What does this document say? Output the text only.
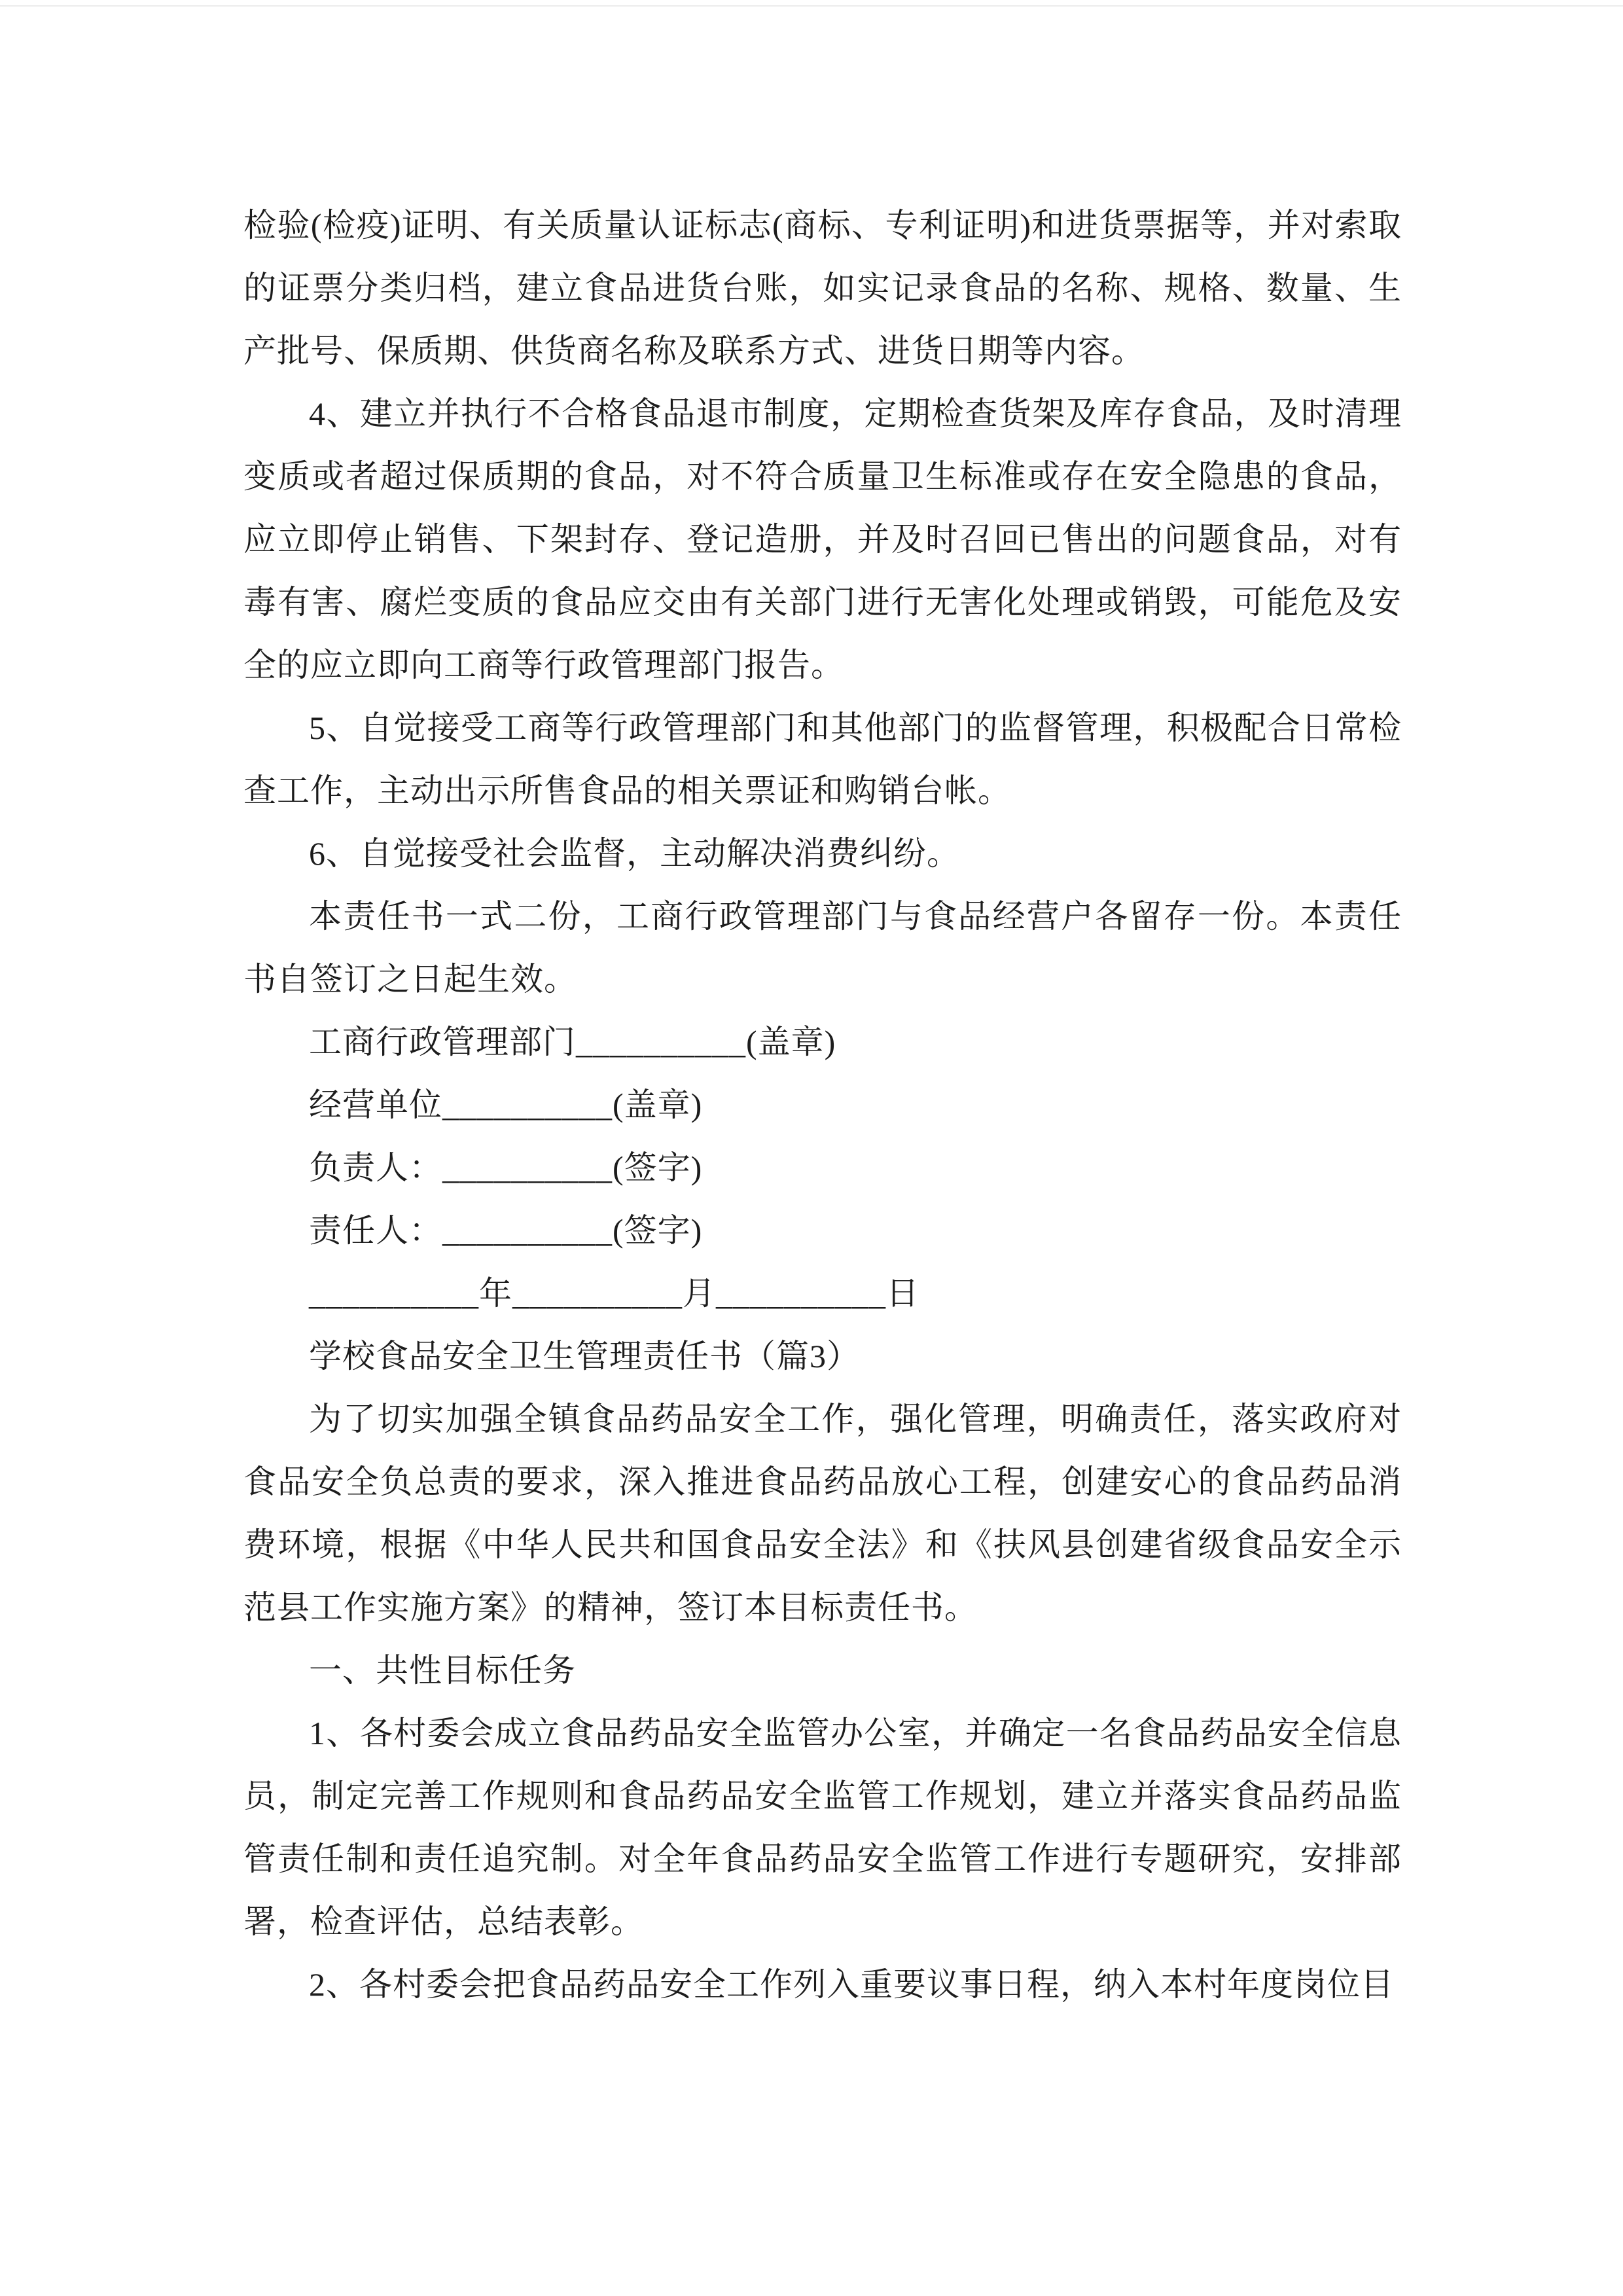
检验(检疫)证明、有关质量认证标志(商标、专利证明)和进货票据等，并对索取的证票分类归档，建立食品进货台账，如实记录食品的名称、规格、数量、生产批号、保质期、供货商名称及联系方式、进货日期等内容。

4、建立并执行不合格食品退市制度，定期检查货架及库存食品，及时清理变质或者超过保质期的食品，对不符合质量卫生标准或存在安全隐患的食品，应立即停止销售、下架封存、登记造册，并及时召回已售出的问题食品，对有毒有害、腐烂变质的食品应交由有关部门进行无害化处理或销毁，可能危及安全的应立即向工商等行政管理部门报告。

5、自觉接受工商等行政管理部门和其他部门的监督管理，积极配合日常检查工作，主动出示所售食品的相关票证和购销台帐。

6、自觉接受社会监督，主动解决消费纠纷。

本责任书一式二份，工商行政管理部门与食品经营户各留存一份。本责任书自签订之日起生效。

工商行政管理部门__________(盖章)

经营单位__________(盖章)

负责人：__________(签字)

责任人：__________(签字)

__________年__________月__________日

学校食品安全卫生管理责任书（篇3）

为了切实加强全镇食品药品安全工作，强化管理，明确责任，落实政府对食品安全负总责的要求，深入推进食品药品放心工程，创建安心的食品药品消费环境，根据《中华人民共和国食品安全法》和《扶风县创建省级食品安全示范县工作实施方案》的精神，签订本目标责任书。

一、共性目标任务

1、各村委会成立食品药品安全监管办公室，并确定一名食品药品安全信息员，制定完善工作规则和食品药品安全监管工作规划，建立并落实食品药品监管责任制和责任追究制。对全年食品药品安全监管工作进行专题研究，安排部署，检查评估，总结表彰。

2、各村委会把食品药品安全工作列入重要议事日程，纳入本村年度岗位目
